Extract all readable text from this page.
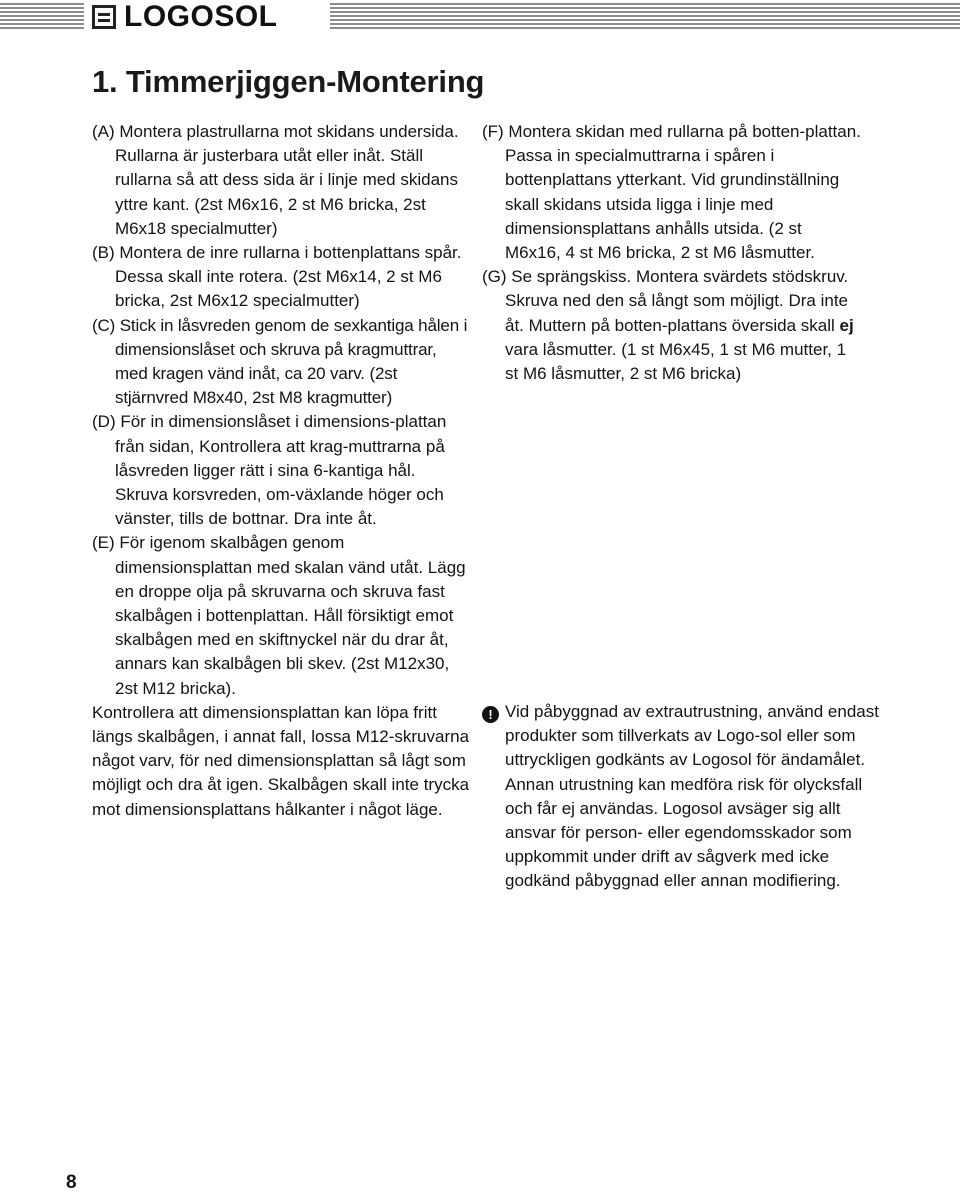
LOGOSOL
1. Timmerjiggen-Montering

(A) Montera plastrullarna mot skidans undersida. Rullarna är justerbara utåt eller inåt. Ställ rullarna så att dess sida är i linje med skidans yttre kant. (2st M6x16, 2 st M6 bricka, 2st M6x18 specialmutter)

(B) Montera de inre rullarna i bottenplattans spår. Dessa skall inte rotera. (2st M6x14, 2 st M6 bricka, 2st M6x12 specialmutter)

(C) Stick in låsvreden genom de sexkantiga hålen i dimensionslåset och skruva på kragmuttrar, med kragen vänd inåt, ca 20 varv. (2st stjärnvred M8x40, 2st M8 kragmutter)

(D) För in dimensionslåset i dimensions-plattan från sidan, Kontrollera att krag-muttrarna på låsvreden ligger rätt i sina 6-kantiga hål. Skruva korsvreden, om-växlande höger och vänster, tills de bottnar. Dra inte åt.

(E) För igenom skalbågen genom dimensionsplattan med skalan vänd utåt. Lägg en droppe olja på skruvarna och skruva fast skalbågen i bottenplattan. Håll försiktigt emot skalbågen med en skiftnyckel när du drar åt, annars kan skalbågen bli skev. (2st M12x30, 2st M12 bricka).

Kontrollera att dimensionsplattan kan löpa fritt längs skalbågen, i annat fall, lossa M12-skruvarna något varv, för ned dimensionsplattan så lågt som möjligt och dra åt igen. Skalbågen skall inte trycka mot dimensionsplattans hålkanter i något läge.

(F) Montera skidan med rullarna på botten-plattan. Passa in specialmuttrarna i spåren i bottenplattans ytterkant. Vid grundinställning skall skidans utsida ligga i linje med dimensionsplattans anhålls utsida. (2 st M6x16, 4 st M6 bricka, 2 st M6 låsmutter.

(G) Se sprängskiss. Montera svärdets stödskruv. Skruva ned den så långt som möjligt. Dra inte åt. Muttern på botten-plattans översida skall ej vara låsmutter. (1 st M6x45, 1 st M6 mutter, 1 st M6 låsmutter, 2 st M6 bricka)

! Vid påbyggnad av extrautrustning, använd endast produkter som tillverkats av Logo-sol eller som uttryckligen godkänts av Logosol för ändamålet. Annan utrustning kan medföra risk för olycksfall och får ej användas. Logosol avsäger sig allt ansvar för person- eller egendomsskador som uppkommit under drift av sågverk med icke godkänd påbyggnad eller annan modifiering.
8
